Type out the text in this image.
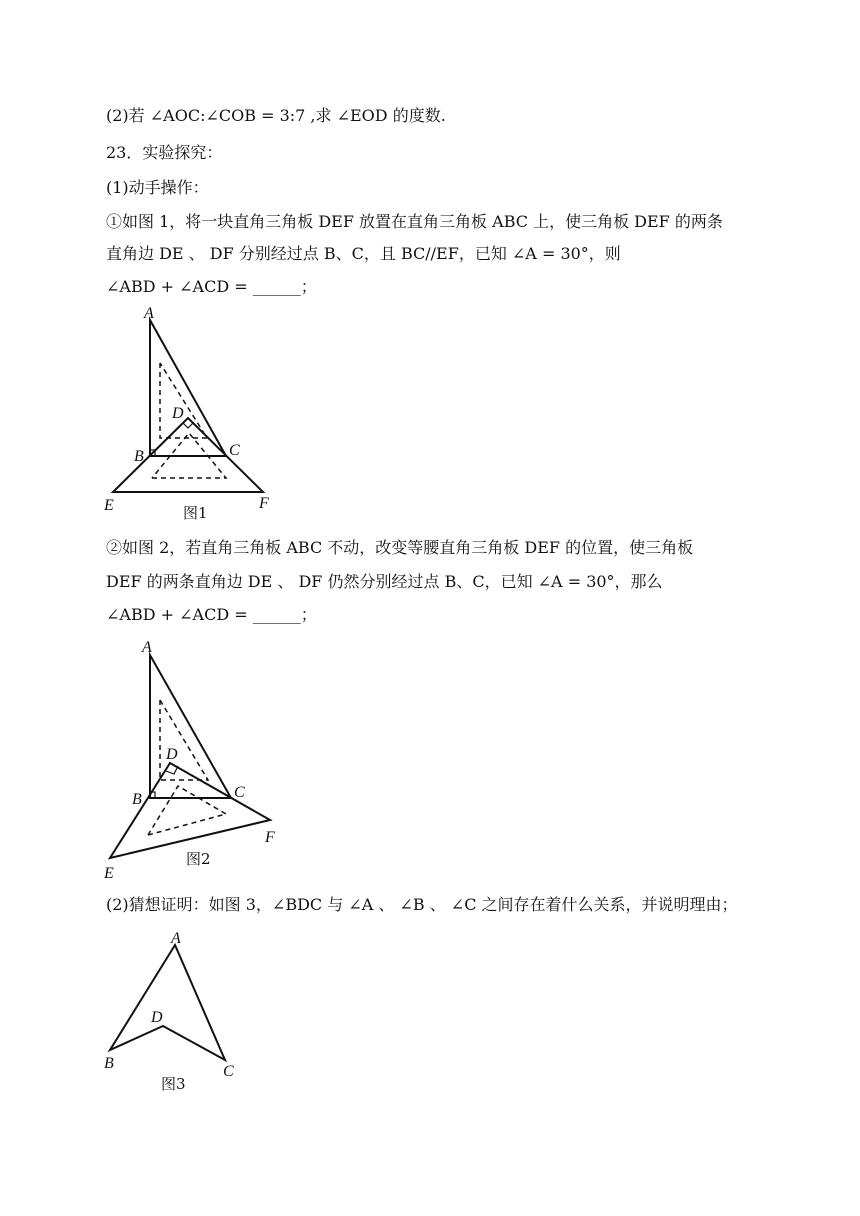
(2)若 ∠AOC:∠COB = 3:7 ,求 ∠EOD 的度数.
23．实验探究：
(1)动手操作：
①如图 1，将一块直角三角板 DEF 放置在直角三角板 ABC 上，使三角板 DEF 的两条
直角边 DE 、 DF 分别经过点 B、C，且 BC//EF，已知 ∠A = 30°，则
∠ABD + ∠ACD = ______；
A
B	C
D
E	F
图1
②如图 2，若直角三角板 ABC 不动，改变等腰直角三角板 DEF 的位置，使三角板
DEF 的两条直角边 DE 、 DF 仍然分别经过点 B、C，已知 ∠A = 30°，那么
∠ABD + ∠ACD = ______；
A
B	C
D
E
F
图2
(2)猜想证明：如图 3，∠BDC 与 ∠A 、 ∠B 、 ∠C 之间存在着什么关系，并说明理由；
A
B	C
D
图3
